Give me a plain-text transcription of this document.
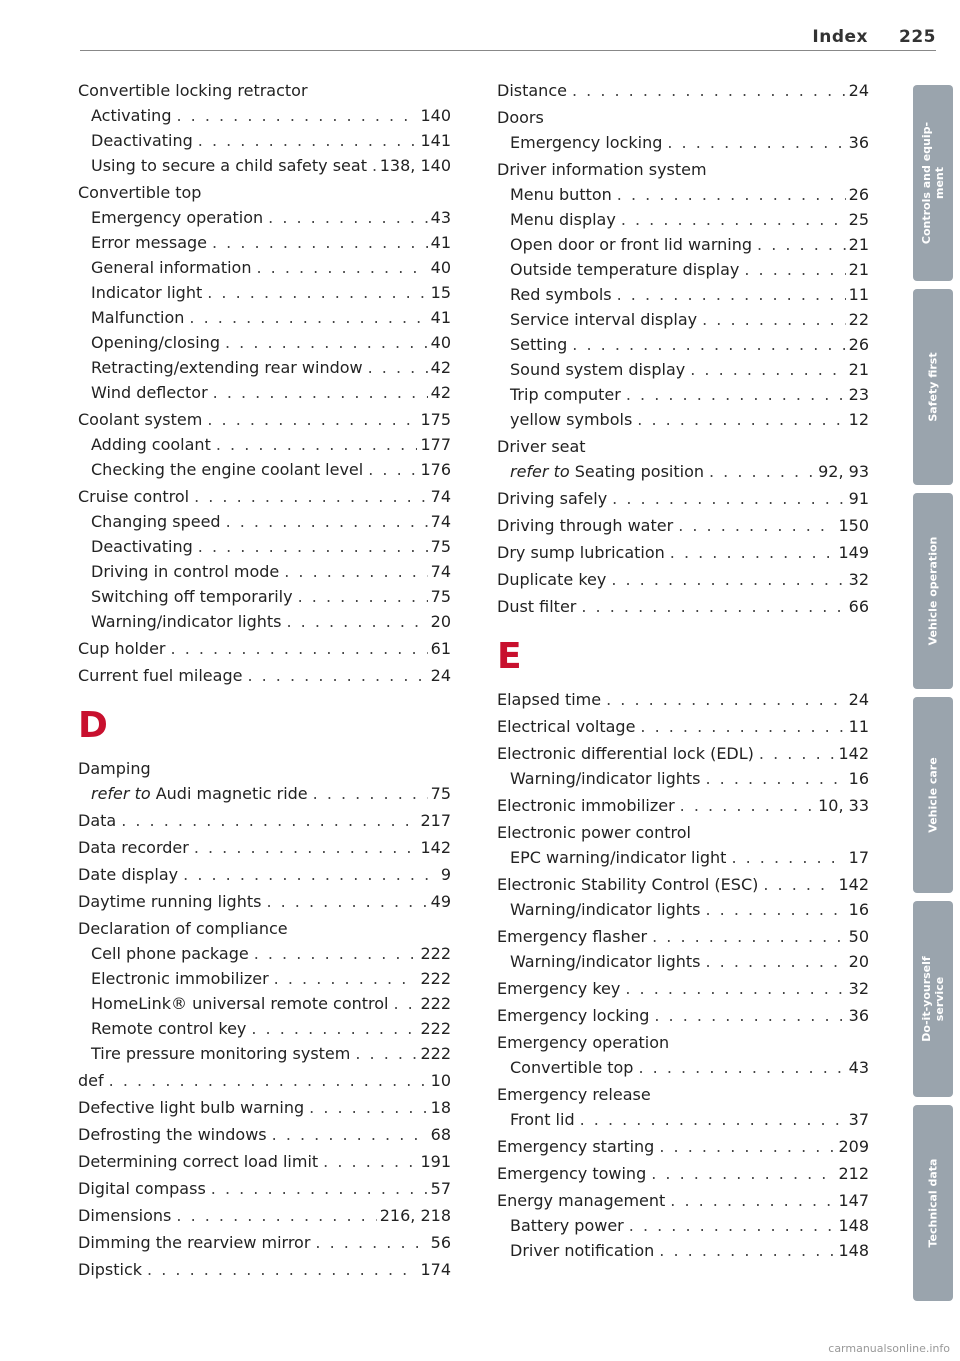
Index 225
Convertible locking retractor
Activating . . .	140
Deactivating . . .	141
Using to secure a child safety seat . . . 138, 140
Convertible top
Emergency operation . . .	43
Error message . . .	41
General information . . .	40
Indicator light . . .	15
Malfunction . . .	41
Opening/closing . . .	40
Retracting/extending rear window . . .	42
Wind deflector . . .	42
Coolant system . . .	175
Adding coolant . . .	177
Checking the engine coolant level . . .	176
Cruise control . . .	74
Changing speed . . .	74
Deactivating . . .	75
Driving in control mode . . .	74
Switching off temporarily . . .	75
Warning/indicator lights . . .	20
Cup holder . . .	61
Current fuel mileage . . .	24
D
Damping
refer to Audi magnetic ride . . .	75
Data . . .	217
Data recorder . . .	142
Date display . . .	9
Daytime running lights . . .	49
Declaration of compliance
Cell phone package . . .	222
Electronic immobilizer . . .	222
HomeLink® universal remote control . . . 222
Remote control key . . .	222
Tire pressure monitoring system . . .	222
def . . .	10
Defective light bulb warning . . .	18
Defrosting the windows . . .	68
Determining correct load limit . . .	191
Digital compass . . .	57
Dimensions . . .	216, 218
Dimming the rearview mirror . . .	56
Dipstick . . .	174
Distance . . .	24
Doors
Emergency locking . . .	36
Driver information system
Menu button . . .	26
Menu display . . .	25
Open door or front lid warning . . .	21
Outside temperature display . . .	21
Red symbols . . .	11
Service interval display . . .	22
Setting . . .	26
Sound system display . . .	21
Trip computer . . .	23
yellow symbols . . .	12
Driver seat
refer to Seating position . . .	92, 93
Driving safely . . .	91
Driving through water . . .	150
Dry sump lubrication . . .	149
Duplicate key . . .	32
Dust filter . . .	66
E
Elapsed time . . .	24
Electrical voltage . . .	11
Electronic differential lock (EDL) . . .	142
Warning/indicator lights . . .	16
Electronic immobilizer . . .	10, 33
Electronic power control
EPC warning/indicator light . . .	17
Electronic Stability Control (ESC) . . .	142
Warning/indicator lights . . .	16
Emergency flasher . . .	50
Warning/indicator lights . . .	20
Emergency key . . .	32
Emergency locking . . .	36
Emergency operation
Convertible top . . .	43
Emergency release
Front lid . . .	37
Emergency starting . . .	209
Emergency towing . . .	212
Energy management . . .	147
Battery power . . .	148
Driver notification . . .	148
Controls and equip-
ment
Safety first
Vehicle operation
Vehicle care
Do-it-yourself
service
Technical data
carmanualsonline.info
